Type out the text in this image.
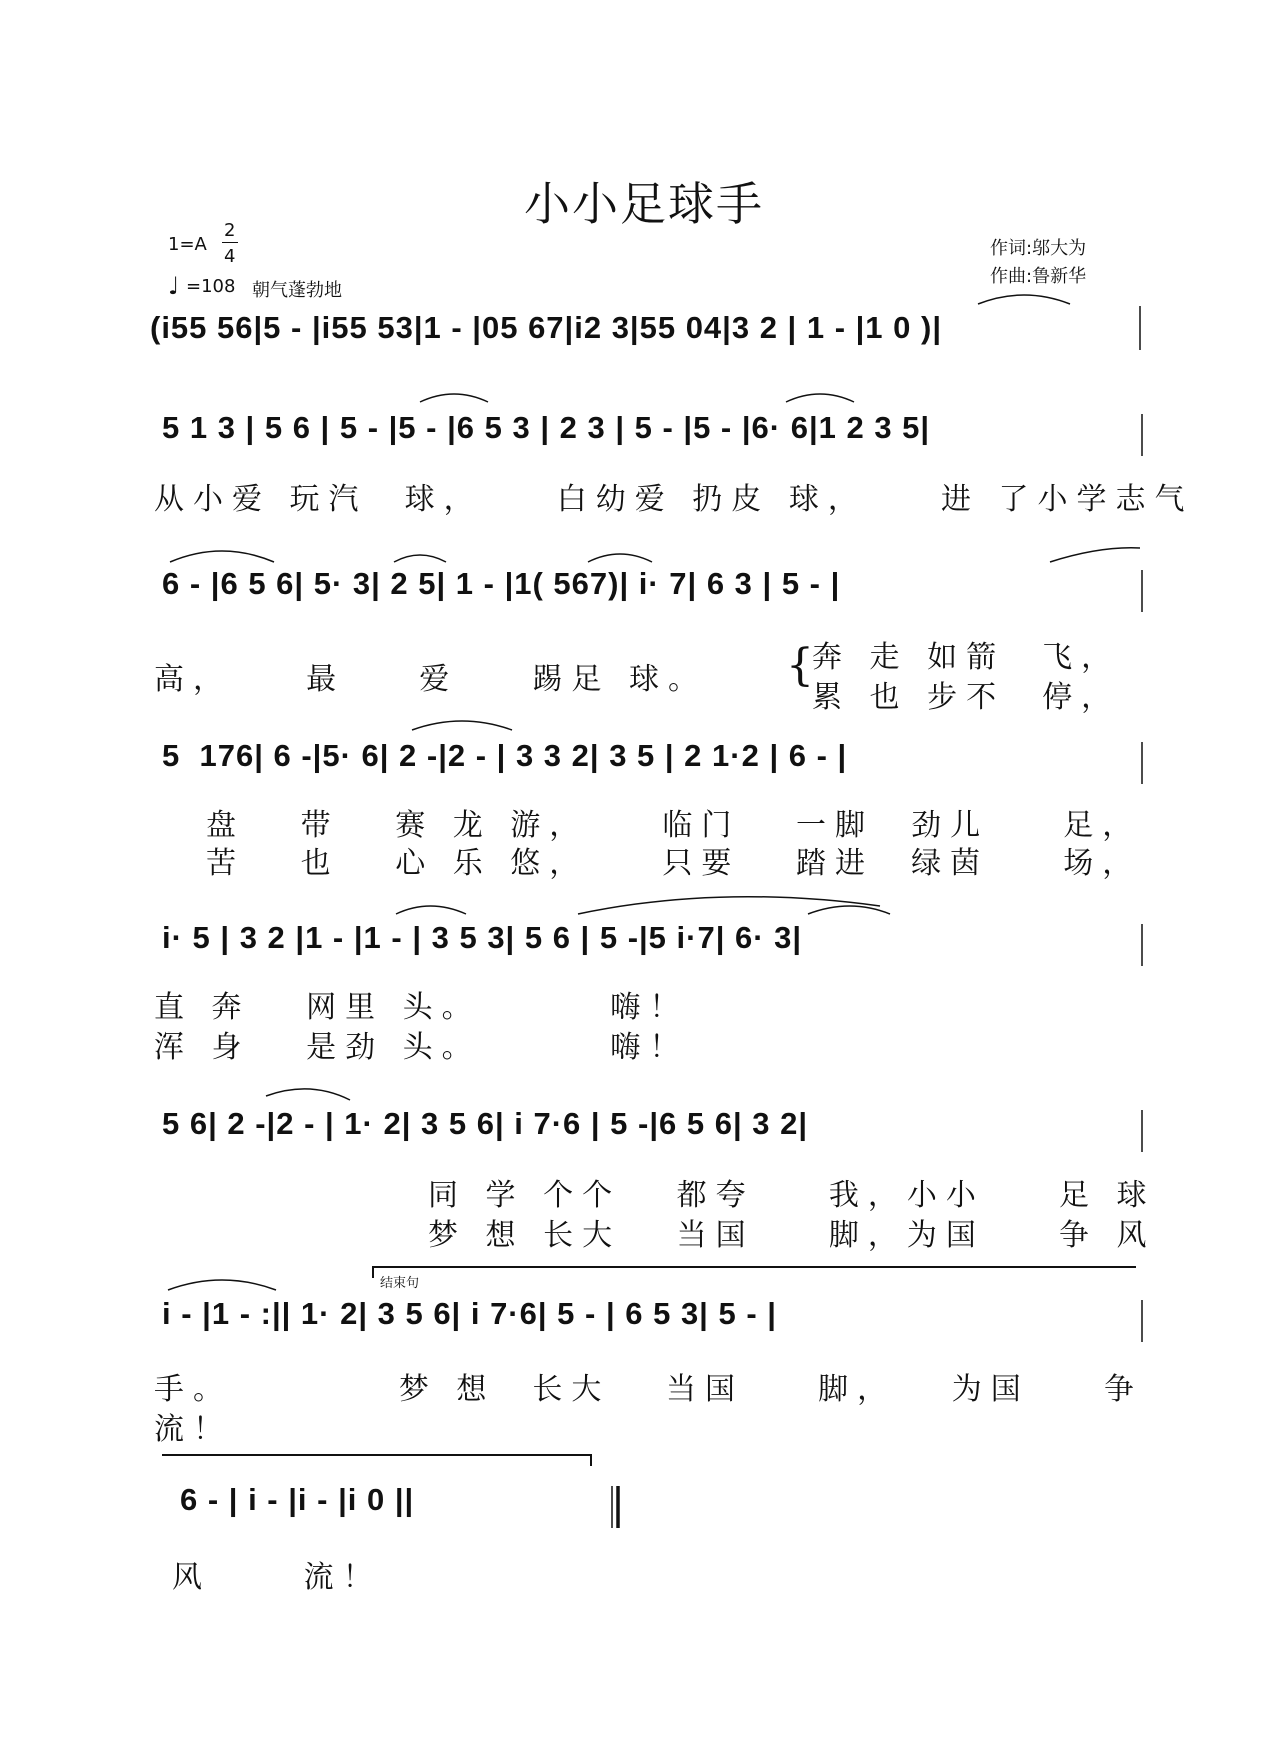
小小足球手
1=A
2
4
♩ =108 朝气蓬勃地
作词:邬大为
作曲:鲁新华
(i55 56|5 - |i55 53|1 - |05 67|i2 3|55 04|3 2 | 1 - |1 0 )|
5 1 3 | 5 6 | 5 - |5 - |6 5 3 | 2 3 | 5 - |5 - |6· 6|1 2 3 5|
从小爱 玩汽  球，    白幼爱 扔皮 球，    进 了小学志气
6 - |6 5 6| 5· 3| 2 5| 1 - |1( 567)| i· 7| 6 3 | 5 - |
高，    最    爱    踢足 球。 {
奔 走 如箭  飞，
累 也 步不  停，
5  176| 6 -|5· 6| 2 -|2 - | 3 3 2| 3 5 | 2 1·2 | 6 - |
盘   带   赛 龙 游，    临门   一脚  劲儿    足，
苦   也   心 乐 悠，    只要   踏进  绿茵    场，
i· 5 | 3 2 |1 - |1 - | 3 5 3| 5 6 | 5 -|5 i·7| 6· 3|
直 奔   网里 头。       嗨！
浑 身   是劲 头。       嗨！
5 6| 2 -|2 - | 1· 2| 3 5 6| i 7·6 | 5 -|6 5 6| 3 2|
同 学 个个   都夸    我，小小    足 球
梦 想 长大   当国    脚，为国    争 风
结束句
i - |1 - :|| 1· 2| 3 5 6| i 7·6| 5 - | 6 5 3| 5 - |
手。         梦 想  长大   当国    脚，   为国    争
流！
6 - | i - |i - |i 0 ||
风     流！
